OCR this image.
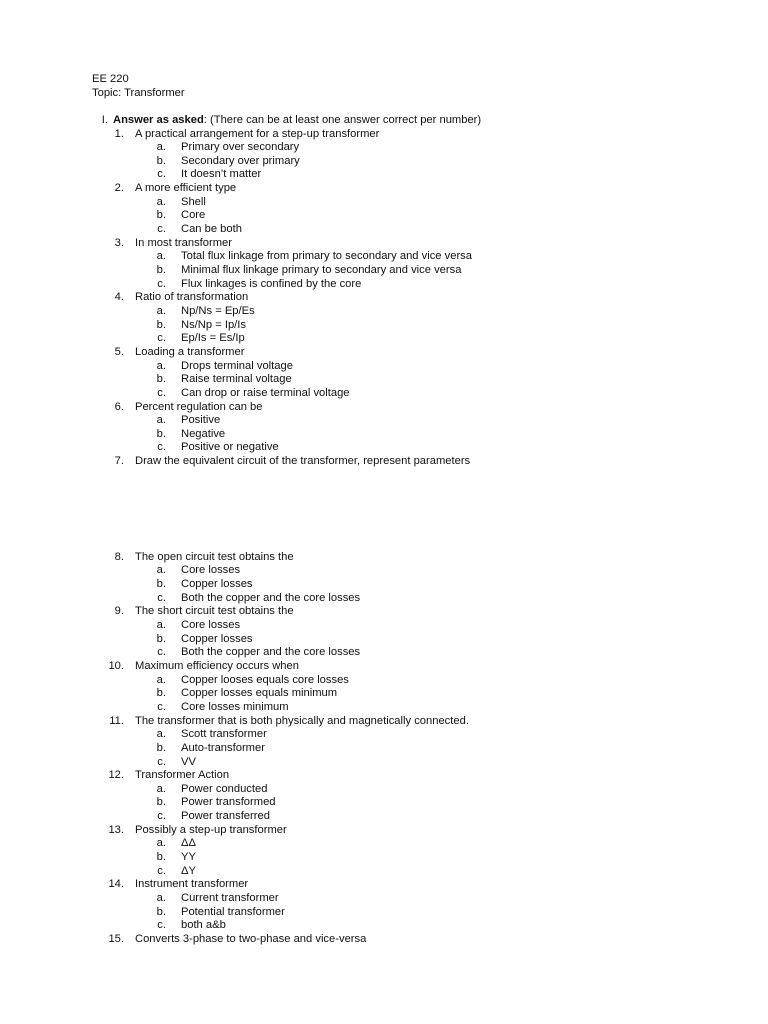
EE 220
Topic: Transformer
I. Answer as asked: (There can be at least one answer correct per number)
1. A practical arrangement for a step-up transformer
a. Primary over secondary
b. Secondary over primary
c. It doesn’t matter
2. A more efficient type
a. Shell
b. Core
c. Can be both
3. In most transformer
a. Total flux linkage from primary to secondary and vice versa
b. Minimal flux linkage primary to secondary and vice versa
c. Flux linkages is confined by the core
4. Ratio of transformation
a. Np/Ns = Ep/Es
b. Ns/Np = Ip/Is
c. Ep/Is = Es/Ip
5. Loading a transformer
a. Drops terminal voltage
b. Raise terminal voltage
c. Can drop or raise terminal voltage
6. Percent regulation can be
a. Positive
b. Negative
c. Positive or negative
7. Draw the equivalent circuit of the transformer, represent parameters
8. The open circuit test obtains the
a. Core losses
b. Copper losses
c. Both the copper and the core losses
9. The short circuit test obtains the
a. Core losses
b. Copper losses
c. Both the copper and the core losses
10. Maximum efficiency occurs when
a. Copper looses equals core losses
b. Copper losses equals minimum
c. Core losses minimum
11. The transformer that is both physically and magnetically connected.
a. Scott transformer
b. Auto-transformer
c. VV
12. Transformer Action
a. Power conducted
b. Power transformed
c. Power transferred
13. Possibly a step-up transformer
a. ΔΔ
b. YY
c. ΔY
14. Instrument transformer
a. Current transformer
b. Potential transformer
c. both a&b
15. Converts 3-phase to two-phase and vice-versa
